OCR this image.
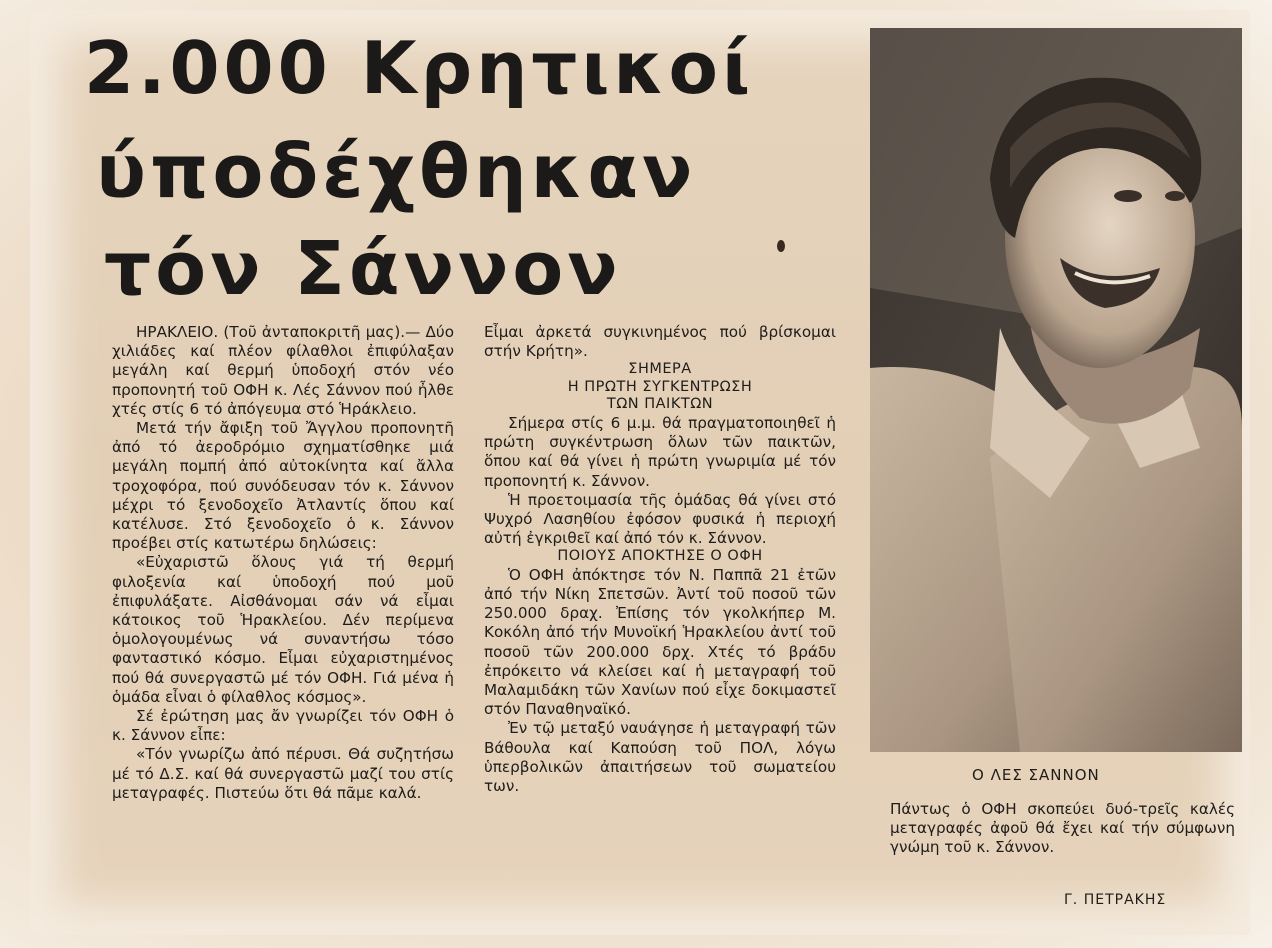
2.000 Κρητικοί
ύποδέχθηκαν
τόν Σάννον

ΗΡΑΚΛΕΙΟ. (Τοῦ ἀνταποκριτῆ μας).— Δύο χιλιάδες καί πλέον φίλαθλοι ἐπιφύλαξαν μεγάλη καί θερμή ὑποδοχή στόν νέο προπονητή τοῦ ΟΦΗ κ. Λές Σάννον πού ἦλθε χτές στίς 6 τό ἀπόγευμα στό Ἡράκλειο.

Μετά τήν ἄφιξη τοῦ Ἄγγλου προπονητῆ ἀπό τό ἀεροδρόμιο σχηματίσθηκε μιά μεγάλη πομπή ἀπό αὐτοκίνητα καί ἄλλα τροχοφόρα, πού συνόδευσαν τόν κ. Σάννον μέχρι τό ξενοδοχεῖο Ἀτλαντίς ὅπου καί κατέλυσε. Στό ξενοδοχεῖο ὁ κ. Σάννον προέβει στίς κατωτέρω δηλώσεις:

«Εὐχαριστῶ ὅλους γιά τή θερμή φιλοξενία καί ὑποδοχή πού μοῦ ἐπιφυλάξατε. Αἰσθάνομαι σάν νά εἶμαι κάτοικος τοῦ Ἡρακλείου. Δέν περίμενα ὁμολογουμένως νά συναντήσω τόσο φανταστικό κόσμο. Εἶμαι εὐχαριστημένος πού θά συνεργαστῶ μέ τόν ΟΦΗ. Γιά μένα ἡ ὁμάδα εἶναι ὁ φίλαθλος κόσμος».

Σέ ἐρώτηση μας ἄν γνωρίζει τόν ΟΦΗ ὁ κ. Σάννον εἶπε:

«Τόν γνωρίζω ἀπό πέρυσι. Θά συζητήσω μέ τό Δ.Σ. καί θά συνεργαστῶ μαζί του στίς μεταγραφές. Πιστεύω ὅτι θά πᾶμε καλά.

Εἶμαι ἀρκετά συγκινημένος πού βρίσκομαι στήν Κρήτη».

ΣΗΜΕΡΑ
Η ΠΡΩΤΗ ΣΥΓΚΕΝΤΡΩΣΗ
ΤΩΝ ΠΑΙΚΤΩΝ

Σήμερα στίς 6 μ.μ. θά πραγματοποιηθεῖ ἡ πρώτη συγκέντρωση ὅλων τῶν παικτῶν, ὅπου καί θά γίνει ἡ πρώτη γνωριμία μέ τόν προπονητή κ. Σάννον.

Ἡ προετοιμασία τῆς ὁμάδας θά γίνει στό Ψυχρό Λασηθίου ἐφόσον φυσικά ἡ περιοχή αὐτή ἐγκριθεῖ καί ἀπό τόν κ. Σάννον.

ΠΟΙΟΥΣ ΑΠΟΚΤΗΣΕ Ο ΟΦΗ

Ὁ ΟΦΗ ἀπόκτησε τόν Ν. Παππᾶ 21 ἐτῶν ἀπό τήν Νίκη Σπετσῶν. Ἀντί τοῦ ποσοῦ τῶν 250.000 δραχ. Ἐπίσης τόν γκολκήπερ Μ. Κοκόλη ἀπό τήν Μυνοϊκή Ἡρακλείου ἀντί τοῦ ποσοῦ τῶν 200.000 δρχ. Χτές τό βράδυ ἐπρόκειτο νά κλείσει καί ἡ μεταγραφή τοῦ Μαλαμιδάκη τῶν Χανίων πού εἶχε δοκιμαστεῖ στόν Παναθηναϊκό.

Ἐν τῷ μεταξύ ναυάγησε ἡ μεταγραφή τῶν Βάθουλα καί Καπούση τοῦ ΠΟΛ, λόγω ὑπερβολικῶν ἀπαιτήσεων τοῦ σωματείου των.

Ο ΛΕΣ ΣΑΝΝΟΝ
Πάντως ὁ ΟΦΗ σκοπεύει δυό-τρεῖς καλές μεταγραφές ἀφοῦ θά ἔχει καί τήν σύμφωνη γνώμη τοῦ κ. Σάννον.
Γ. ΠΕΤΡΑΚΗΣ
